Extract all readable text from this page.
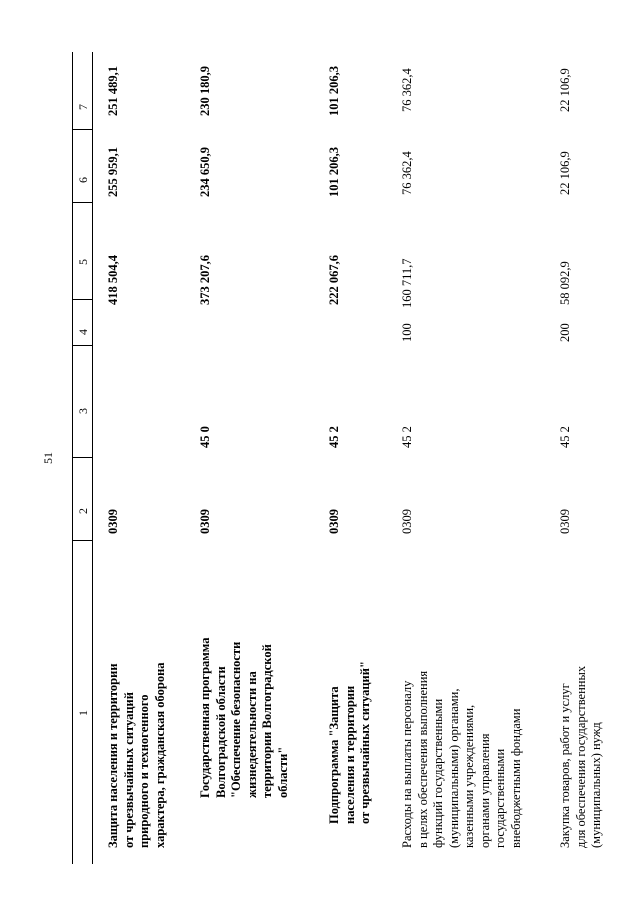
51
1
2
3
4
5
6
7
Защита населения и территории от чрезвычайных ситуаций природного и техногенного характера, гражданская оборона
0309
418 504,4
255 959,1
251 489,1
Государственная программа Волгоградской области "Обеспечение безопасности жизнедеятельности на территории Волгоградской области"
0309
45 0
373 207,6
234 650,9
230 180,9
Подпрограмма "Защита населения и территории от чрезвычайных ситуаций"
0309
45 2
222 067,6
101 206,3
101 206,3
Расходы на выплаты персоналу в целях обеспечения выполнения функций государственными (муниципальными) органами, казенными учреждениями, органами управления государственными внебюджетными фондами
0309
45 2
100
160 711,7
76 362,4
76 362,4
Закупка товаров, работ и услуг для обеспечения государственных (муниципальных) нужд
0309
45 2
200
58 092,9
22 106,9
22 106,9
